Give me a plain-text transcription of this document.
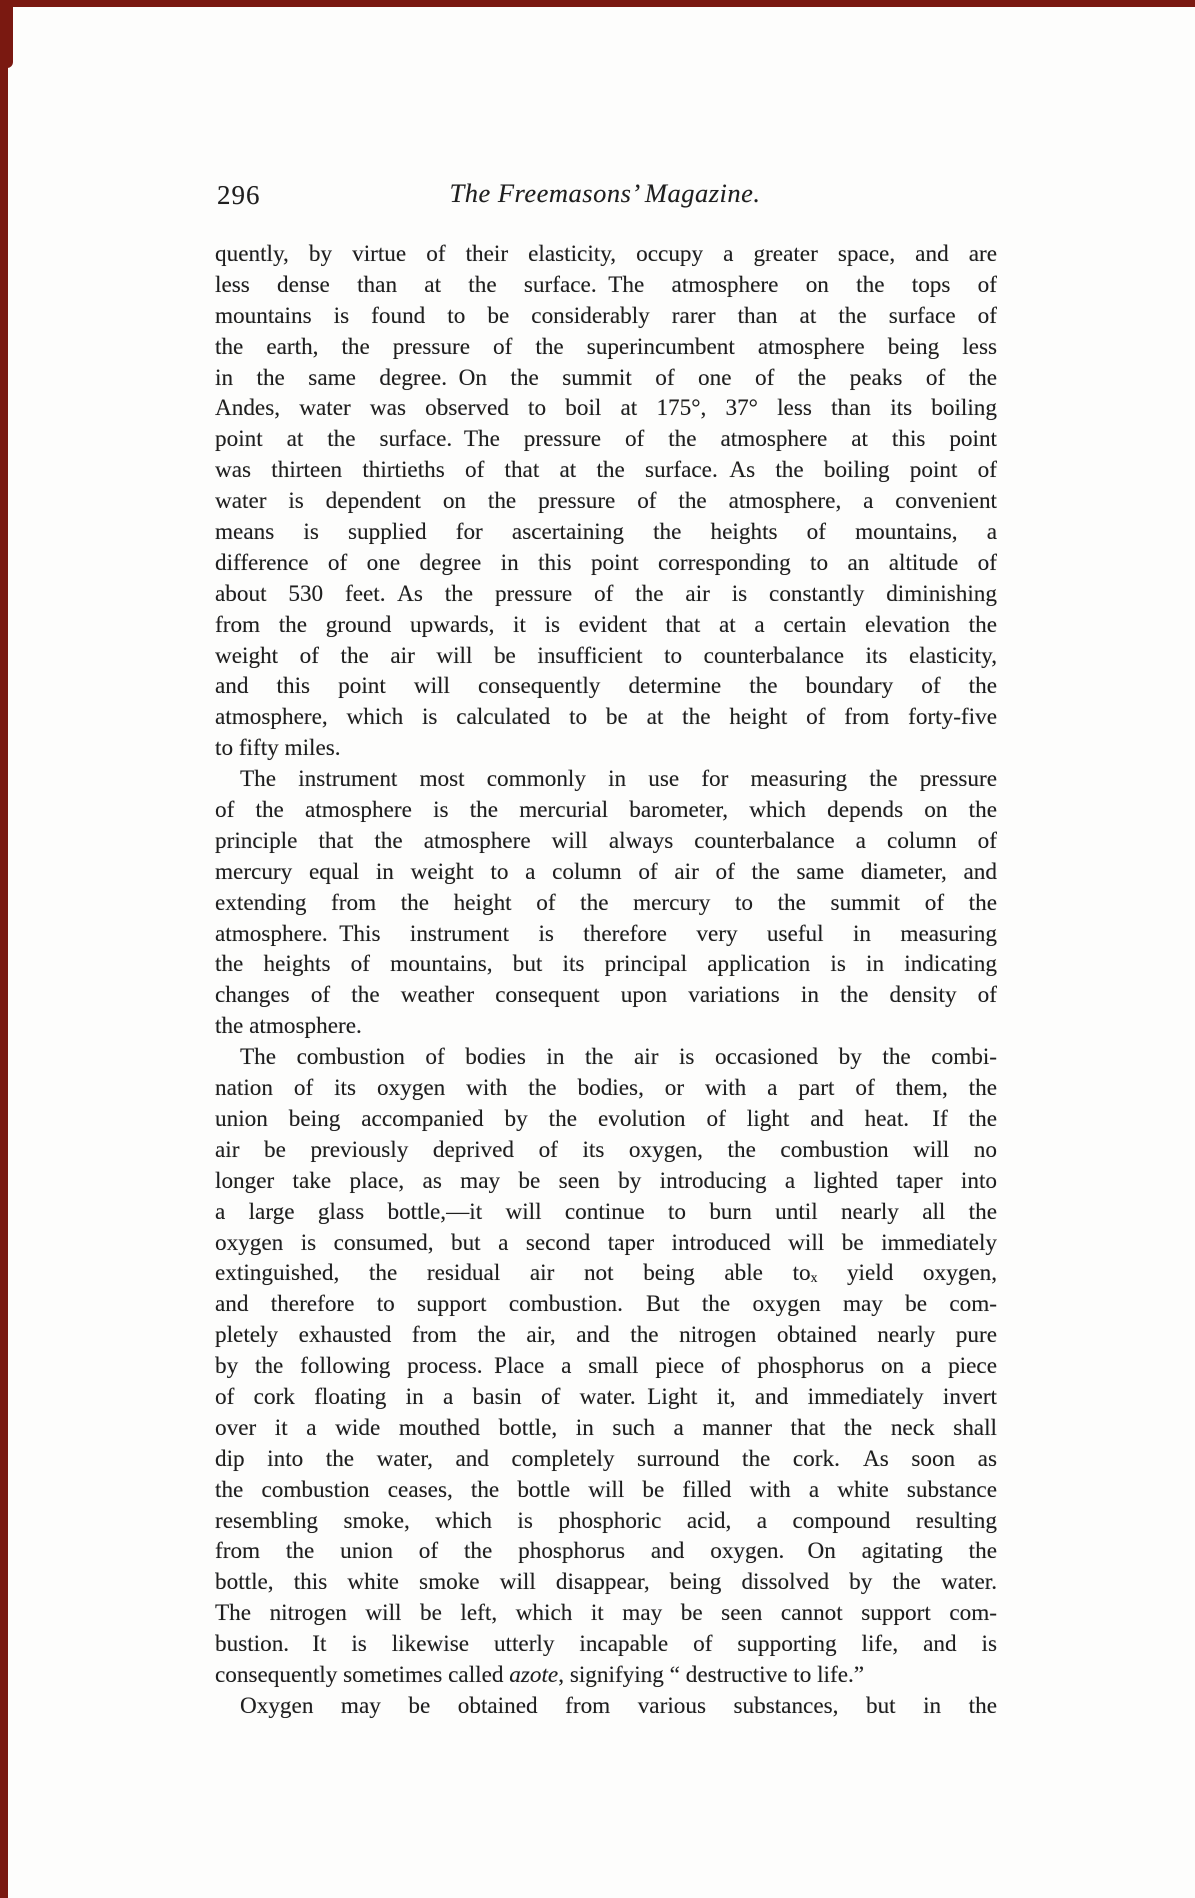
296	The Freemasons’ Magazine.
quently, by virtue of their elasticity, occupy a greater space, and are
less dense than at the surface. The atmosphere on the tops of
mountains is found to be considerably rarer than at the surface of
the earth, the pressure of the superincumbent atmosphere being less
in the same degree. On the summit of one of the peaks of the
Andes, water was observed to boil at 175°, 37° less than its boiling
point at the surface. The pressure of the atmosphere at this point
was thirteen thirtieths of that at the surface. As the boiling point of
water is dependent on the pressure of the atmosphere, a convenient
means is supplied for ascertaining the heights of mountains, a
difference of one degree in this point corresponding to an altitude of
about 530 feet. As the pressure of the air is constantly diminishing
from the ground upwards, it is evident that at a certain elevation the
weight of the air will be insufficient to counterbalance its elasticity,
and this point will consequently determine the boundary of the
atmosphere, which is calculated to be at the height of from forty-five
to fifty miles.
The instrument most commonly in use for measuring the pressure
of the atmosphere is the mercurial barometer, which depends on the
principle that the atmosphere will always counterbalance a column of
mercury equal in weight to a column of air of the same diameter, and
extending from the height of the mercury to the summit of the
atmosphere. This instrument is therefore very useful in measuring
the heights of mountains, but its principal application is in indicating
changes of the weather consequent upon variations in the density of
the atmosphere.
The combustion of bodies in the air is occasioned by the combi-
nation of its oxygen with the bodies, or with a part of them, the
union being accompanied by the evolution of light and heat. If the
air be previously deprived of its oxygen, the combustion will no
longer take place, as may be seen by introducing a lighted taper into
a large glass bottle,—it will continue to burn until nearly all the
oxygen is consumed, but a second taper introduced will be immediately
extinguished, the residual air not being able toₓ yield oxygen,
and therefore to support combustion. But the oxygen may be com-
pletely exhausted from the air, and the nitrogen obtained nearly pure
by the following process. Place a small piece of phosphorus on a piece
of cork floating in a basin of water. Light it, and immediately invert
over it a wide mouthed bottle, in such a manner that the neck shall
dip into the water, and completely surround the cork. As soon as
the combustion ceases, the bottle will be filled with a white substance
resembling smoke, which is phosphoric acid, a compound resulting
from the union of the phosphorus and oxygen. On agitating the
bottle, this white smoke will disappear, being dissolved by the water.
The nitrogen will be left, which it may be seen cannot support com-
bustion. It is likewise utterly incapable of supporting life, and is
consequently sometimes called azote, signifying “ destructive to life.”
Oxygen may be obtained from various substances, but in the
